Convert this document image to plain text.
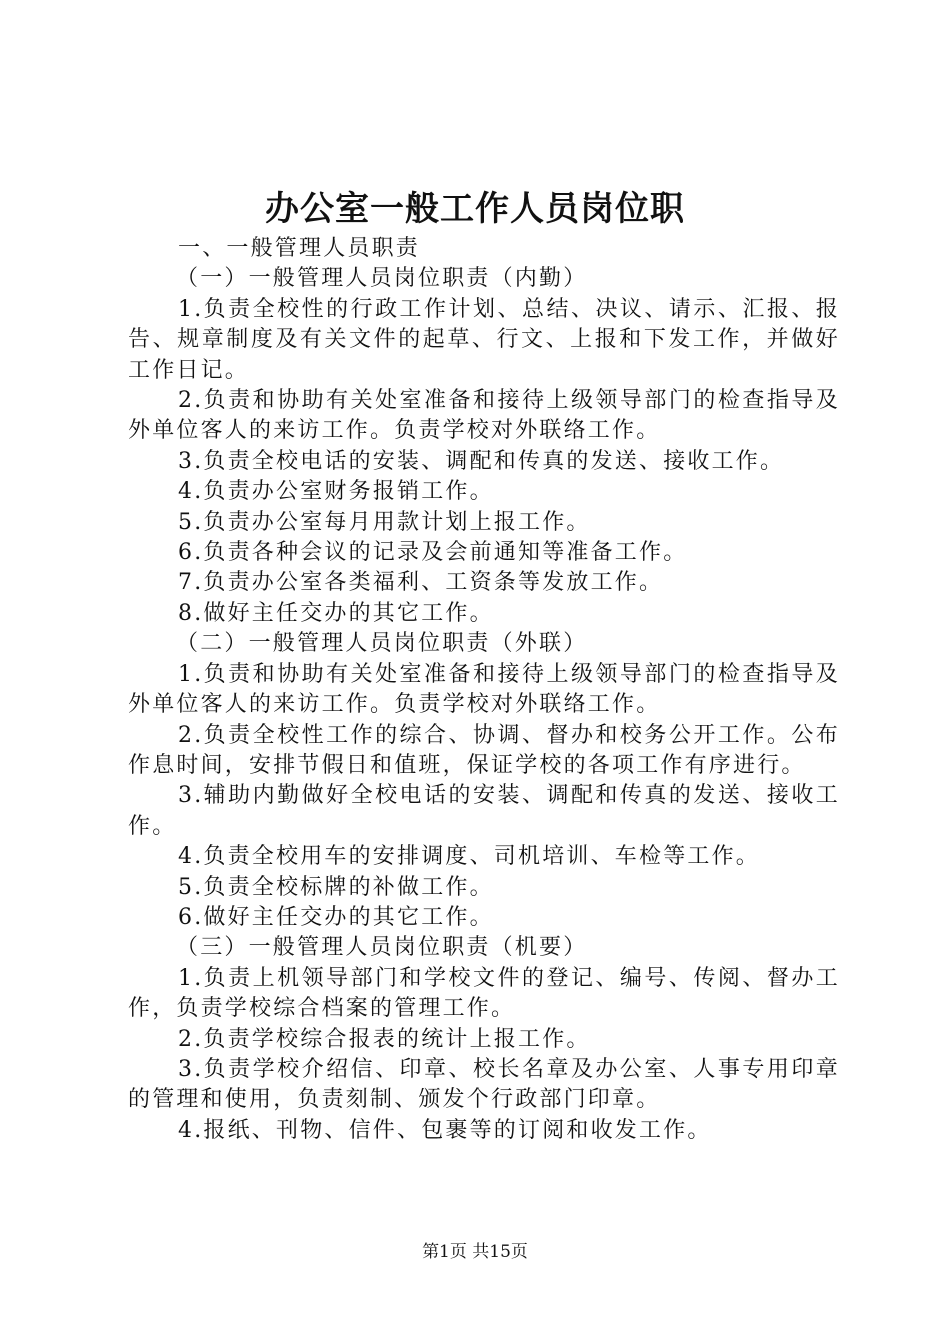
办公室一般工作人员岗位职

一、一般管理人员职责

（一）一般管理人员岗位职责（内勤）

1.负责全校性的行政工作计划、总结、决议、请示、汇报、报告、规章制度及有关文件的起草、行文、上报和下发工作，并做好工作日记。

2.负责和协助有关处室准备和接待上级领导部门的检查指导及外单位客人的来访工作。负责学校对外联络工作。

3.负责全校电话的安装、调配和传真的发送、接收工作。

4.负责办公室财务报销工作。

5.负责办公室每月用款计划上报工作。

6.负责各种会议的记录及会前通知等准备工作。

7.负责办公室各类福利、工资条等发放工作。

8.做好主任交办的其它工作。

（二）一般管理人员岗位职责（外联）

1.负责和协助有关处室准备和接待上级领导部门的检查指导及外单位客人的来访工作。负责学校对外联络工作。

2.负责全校性工作的综合、协调、督办和校务公开工作。公布作息时间，安排节假日和值班，保证学校的各项工作有序进行。

3.辅助内勤做好全校电话的安装、调配和传真的发送、接收工作。

4.负责全校用车的安排调度、司机培训、车检等工作。

5.负责全校标牌的补做工作。

6.做好主任交办的其它工作。

（三）一般管理人员岗位职责（机要）

1.负责上机领导部门和学校文件的登记、编号、传阅、督办工作，负责学校综合档案的管理工作。

2.负责学校综合报表的统计上报工作。

3.负责学校介绍信、印章、校长名章及办公室、人事专用印章的管理和使用，负责刻制、颁发个行政部门印章。

4.报纸、刊物、信件、包裹等的订阅和收发工作。

第1页 共15页
